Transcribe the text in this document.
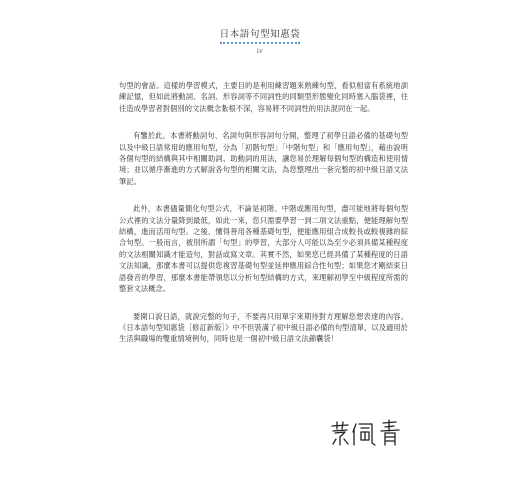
日本語句型知惠袋
iv

句型的會話。這樣的學習模式，主要目的是利用練習題來熟練句型，看似相當有系統地訓練記憶，但如此將動詞、名詞、形容詞等不同詞性的同類型形態變化同時塞入腦袋裡，往往造成學習者對個別的文法概念紮根不深，容易將不同詞性的用法混同在一起。

有鑒於此，本書將動詞句、名詞句與形容詞句分開，整理了初學日語必備的基礎句型以及中級日語常用的應用句型，分為「初階句型」「中階句型」和「應用句型」，藉由說明各個句型的結構與其中相關助詞、助動詞的用法，讓您易於理解每個句型的構造和使用情境；並以循序漸進的方式解說各句型的相關文法，為您整理出一套完整的初中級日語文法筆記。

此外，本書儘量簡化句型公式，不論是初階、中階或應用句型，盡可能地將每個句型公式裡的文法分量降到最低，如此一來，您只需要學習一到二項文法重點，便能理解句型結構，進而活用句型。之後，懂得善用各種基礎句型，便能應用組合成較長或較複雜的綜合句型。一般而言，被別所謂「句型」的學習，大部分人可能以為至少必須具備某種程度的文法相關知識才能造句，對話或寫文章。其實不然，如果您已經具備了某種程度的日語文法知識，那麼本書可以提供您複習基礎句型並延伸應用綜合性句型；如果您才剛結束日語發音的學習，那麼本書能帶領您以分析句型結構的方式，來理解初學至中級程度所需的整套文法概念。

要開口說日語，就說完整的句子，不要再只用單字來期待對方理解您想表達的內容。《日本語句型知惠袋［修訂新版］》中不但裝滿了初中級日語必備的句型清單，以及適用於生活與職場的雙重情境例句，同時也是一個初中級日語文法錦囊袋！
